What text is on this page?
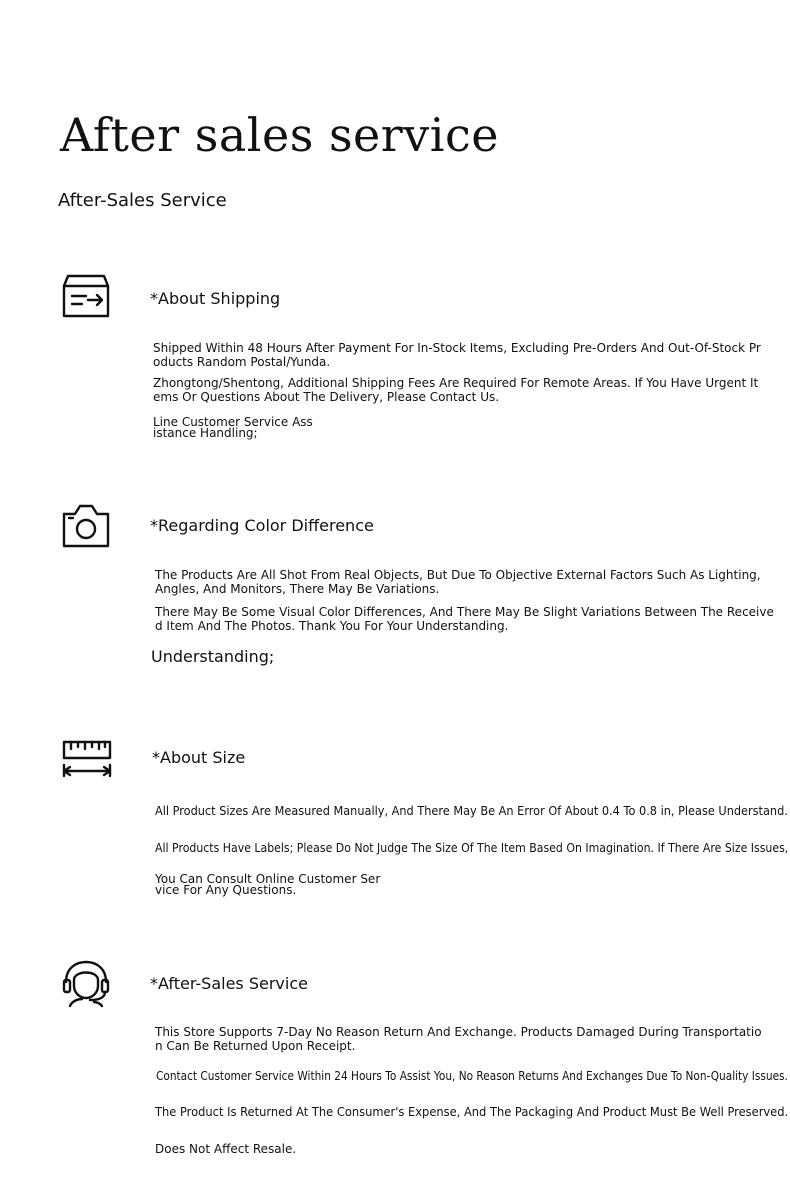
After sales service
After-Sales Service
*About Shipping
Shipped Within 48 Hours After Payment For In-Stock Items, Excluding Pre-Orders And Out-Of-Stock Pr
oducts Random Postal/Yunda.
Zhongtong/Shentong, Additional Shipping Fees Are Required For Remote Areas. If You Have Urgent It
ems Or Questions About The Delivery, Please Contact Us.
Line Customer Service Ass
istance Handling;
*Regarding Color Difference
The Products Are All Shot From Real Objects, But Due To Objective External Factors Such As Lighting,
Angles, And Monitors, There May Be Variations.
There May Be Some Visual Color Differences, And There May Be Slight Variations Between The Receive
d Item And The Photos. Thank You For Your Understanding.
Understanding;
*About Size
All Product Sizes Are Measured Manually, And There May Be An Error Of About 0.4 To 0.8 in, Please Understand.
All Products Have Labels; Please Do Not Judge The Size Of The Item Based On Imagination. If There Are Size Issues,
You Can Consult Online Customer Ser
vice For Any Questions.
*After-Sales Service
This Store Supports 7-Day No Reason Return And Exchange. Products Damaged During Transportatio
n Can Be Returned Upon Receipt.
Contact Customer Service Within 24 Hours To Assist You, No Reason Returns And Exchanges Due To Non-Quality Issues.
The Product Is Returned At The Consumer's Expense, And The Packaging And Product Must Be Well Preserved.
Does Not Affect Resale.
